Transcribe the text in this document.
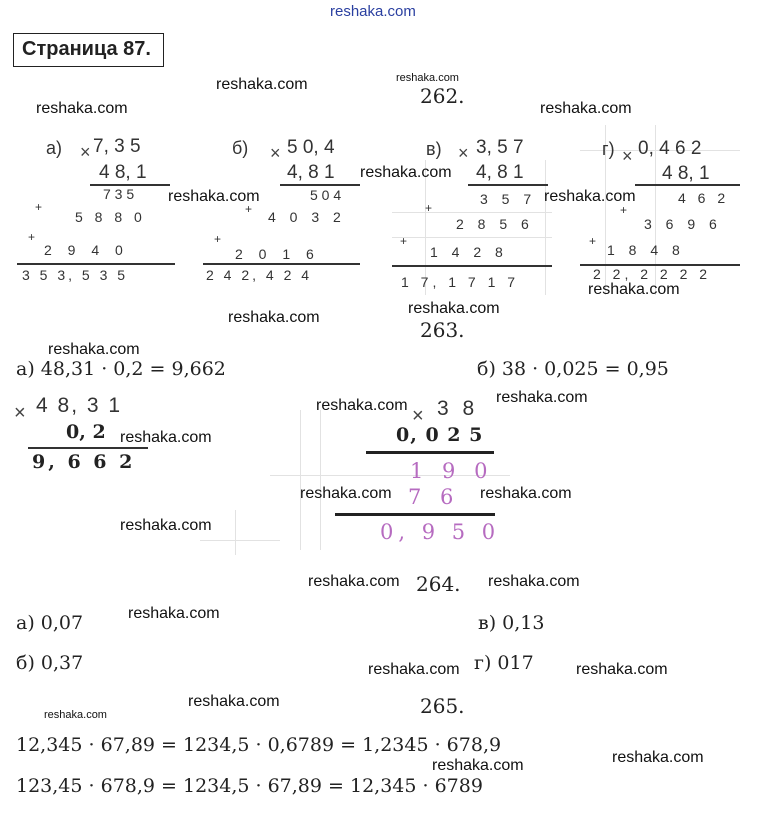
reshaka.com
Страница 87.
262.
а) × 7, 3 5
4 8, 1
7 3 5
+
5 8 8 0
+
2 9 4 0
3 5 3, 5 3 5
б) × 5 0, 4
4, 8 1
5 0 4
+ 4 0 3 2
+
2 0 1 6
2 4 2, 4 2 4
в) × 3, 5 7
4, 8 1
3 5 7
+
2 8 5 6
+
1 4 2 8
1 7, 1 7 1 7
г) × 0, 4 6 2
4 8, 1
4 6 2
+
3 6 9 6
+
1 8 4 8
2 2, 2 2 2 2
263.
а) 48,31 · 0,2 = 9,662	б) 38 · 0,025 = 0,95
× 4 8, 3 1
0, 2
9, 6 6 2
× 3 8
0, 0 2 5
1 9 0
7 6
0, 9 5 0
264.
а) 0,07
б) 0,37
в) 0,13
г) 017
265.
12,345 · 67,89 = 1234,5 · 0,6789 = 1,2345 · 678,9
123,45 · 678,9 = 1234,5 · 67,89 = 12,345 · 6789
reshaka.com	reshaka.com
reshaka.com	reshaka.com
reshaka.com
reshaka.com	reshaka.com
reshaka.com
reshaka.com
reshaka.com
reshaka.com
reshaka.com
reshaka.com
reshaka.com
reshaka.com	reshaka.com
reshaka.com
reshaka.com	reshaka.com
reshaka.com
reshaka.com	reshaka.com
reshaka.com
reshaka.com
reshaka.com
reshaka.com
